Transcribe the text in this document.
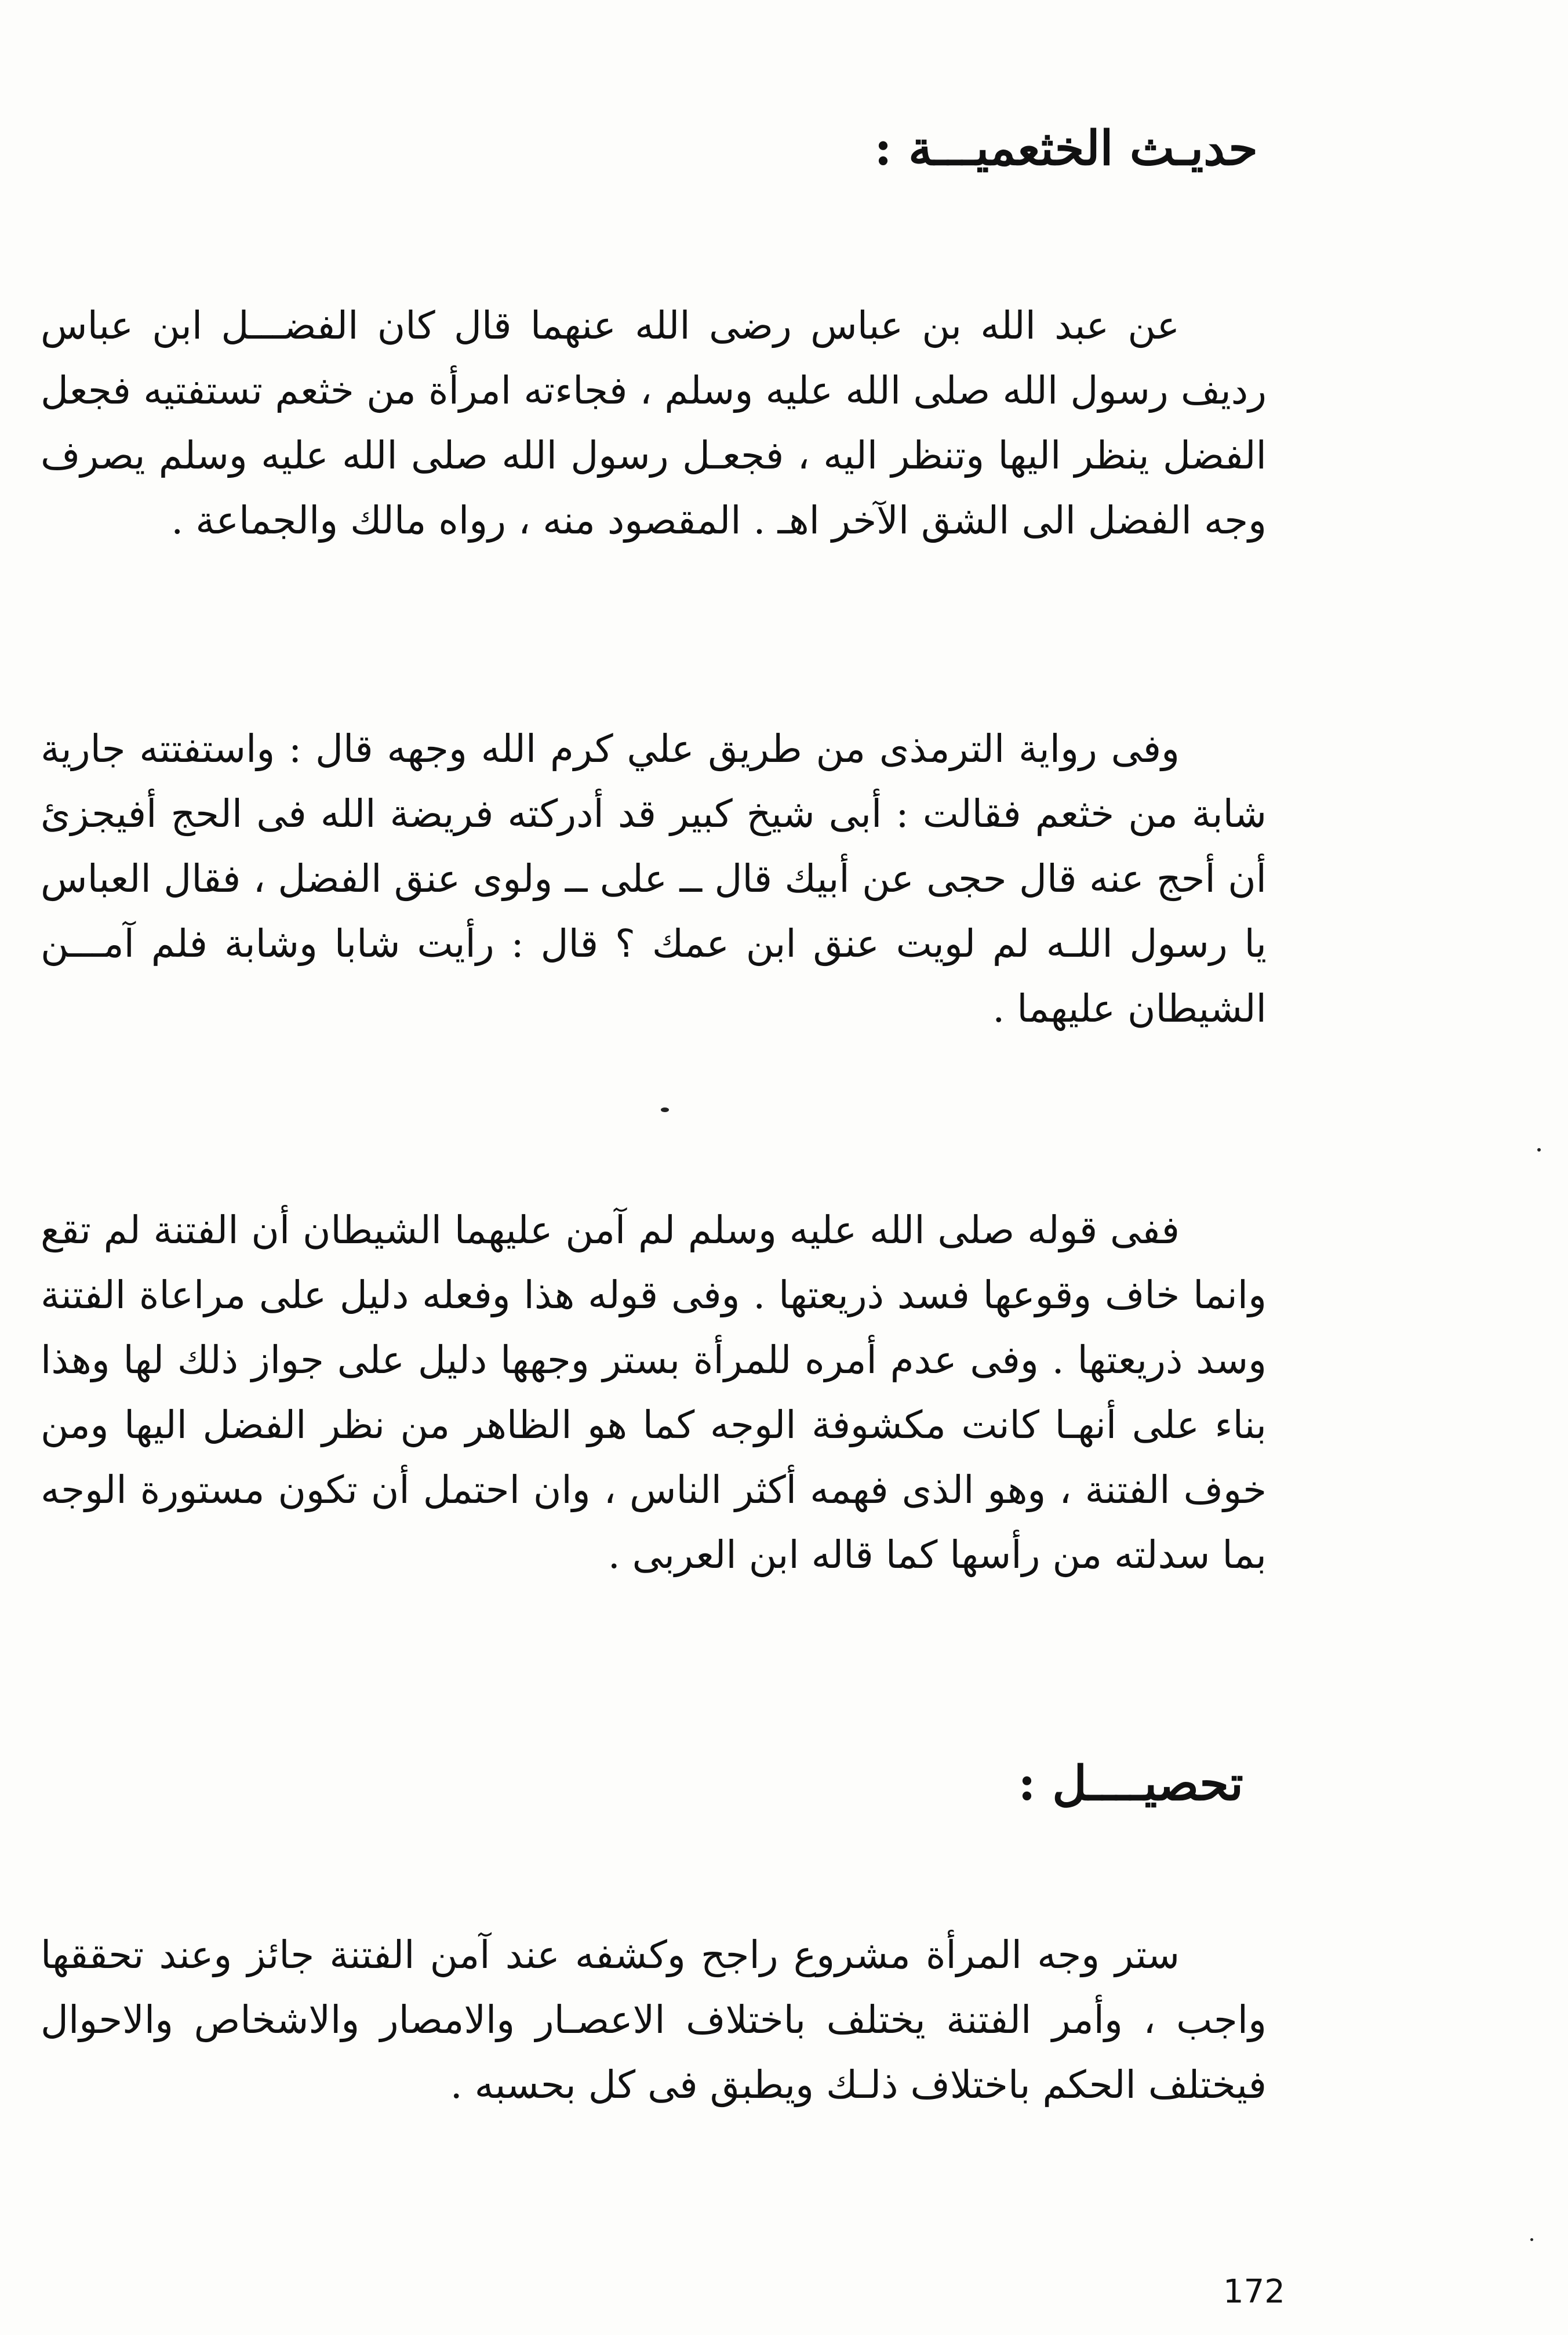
حديـث الخثعميـــة :

عن عبد الله بن عباس رضى الله عنهما قال كان الفضـــل ابن عباس رديف رسول الله صلى الله عليه وسلم ، فجاءته امرأة من خثعم تستفتيه فجعل الفضل ينظر اليها وتنظر اليه ، فجعـل رسول الله صلى الله عليه وسلم يصرف وجه الفضل الى الشق الآخر اهـ . المقصود منه ، رواه مالك والجماعة .

وفى رواية الترمذى من طريق علي كرم الله وجهه قال : واستفتته جارية شابة من خثعم فقالت : أبى شيخ كبير قد أدركته فريضة الله فى الحج أفيجزئ أن أحج عنه قال حجى عن أبيك قال ــ على ــ ولوى عنق الفضل ، فقال العباس يا رسول اللـه لم لويت عنق ابن عمك ؟ قال : رأيت شابا وشابة فلم آمـــن الشيطان عليهما .

ففى قوله صلى الله عليه وسلم لم آمن عليهما الشيطان أن الفتنة لم تقع وانما خاف وقوعها فسد ذريعتها . وفى قوله هذا وفعله دليل على مراعاة الفتنة وسد ذريعتها . وفى عدم أمره للمرأة بستر وجهها دليل على جواز ذلك لها وهذا بناء على أنهـا كانت مكشوفة الوجه كما هو الظاهر من نظر الفضل اليها ومن خوف الفتنة ، وهو الذى فهمه أكثر الناس ، وان احتمل أن تكون مستورة الوجه بما سدلته من رأسها كما قاله ابن العربى .

تحصيــــل :

ستر وجه المرأة مشروع راجح وكشفه عند آمن الفتنة جائز وعند تحققها واجب ، وأمر الفتنة يختلف باختلاف الاعصـار والامصار والاشخاص والاحوال فيختلف الحكم باختلاف ذلـك ويطبق فى كل بحسبه .

172
